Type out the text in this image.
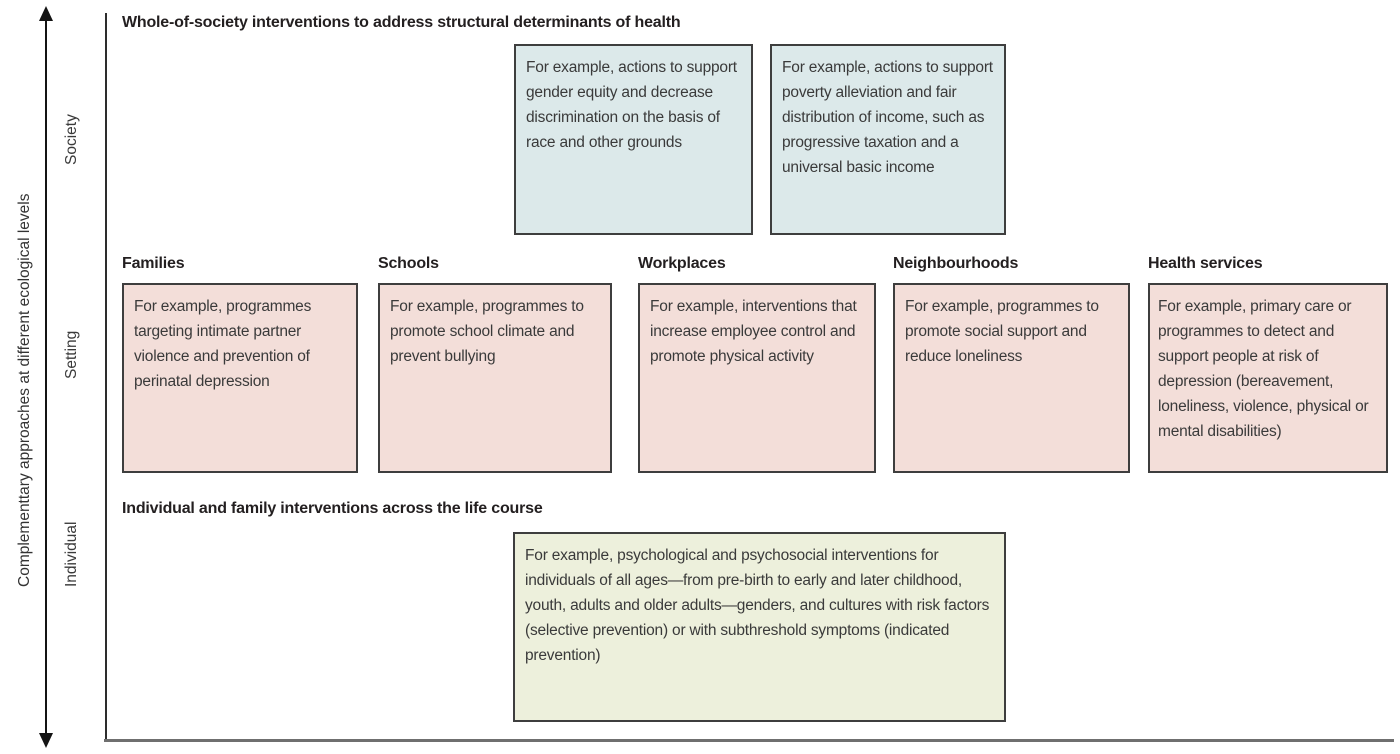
Complementtary approaches at different ecological levels
Society
Setting
Individual
Whole-of-society interventions to address structural determinants of health
For example, actions to support gender equity and decrease discrimination on the basis of race and other grounds
For example, actions to support poverty alleviation and fair distribution of income, such as progressive taxation and a universal basic income
Families	Schools	Workplaces	Neighbourhoods	Health services
For example, programmes targeting intimate partner violence and prevention of perinatal depression
For example, programmes to promote school climate and prevent bullying
For example, interventions that increase employee control and promote physical activity
For example, programmes to promote social support and reduce loneliness
For example, primary care or programmes to detect and support people at risk of depression (bereavement, loneliness, violence, physical or mental disabilities)
Individual and family interventions across the life course
For example, psychological and psychosocial interventions for individuals of all ages—from pre-birth to early and later childhood, youth, adults and older adults—genders, and cultures with risk factors (selective prevention) or with subthreshold symptoms (indicated prevention)
